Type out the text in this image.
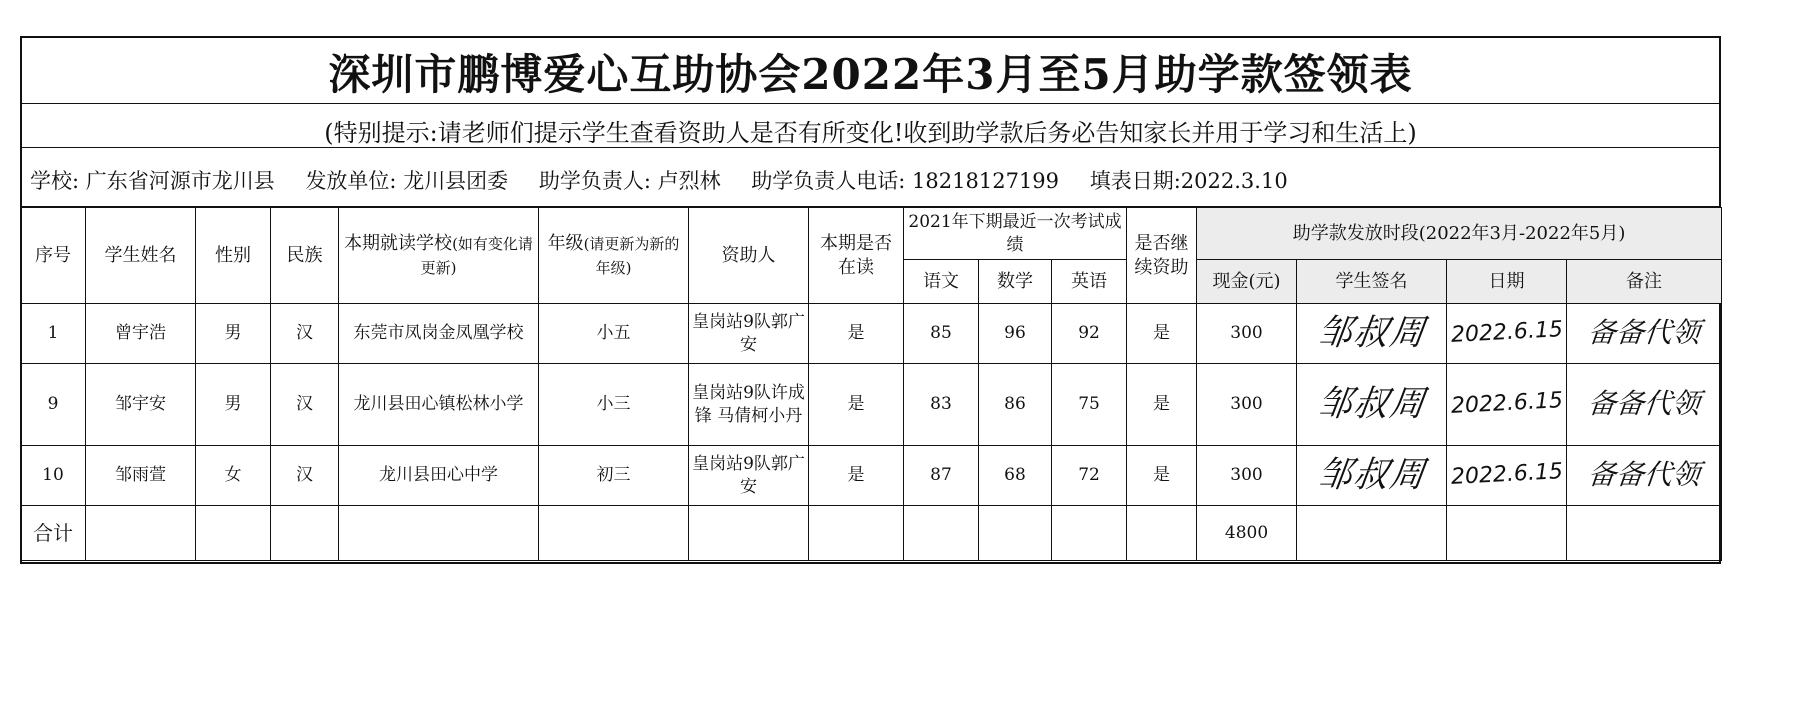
深圳市鹏博爱心互助协会2022年3月至5月助学款签领表
(特别提示:请老师们提示学生查看资助人是否有所变化!收到助学款后务必告知家长并用于学习和生活上)
学校: 广东省河源市龙川县 发放单位: 龙川县团委 助学负责人: 卢烈林 助学负责人电话: 18218127199 填表日期:2022.3.10
序号	学生姓名	性别	民族	本期就读学校(如有变化请更新)	年级(请更新为新的年级)	资助人	本期是否在读	2021年下期最近一次考试成绩			是否继续资助	助学款发放时段(2022年3月-2022年5月)			
								语文	数学	英语		现金(元)	学生签名	日期	备注
1	曾宇浩	男	汉	东莞市凤岗金凤凰学校	小五	皇岗站9队郭广安	是	85	96	92	是	300	邹叔周	2022.6.15	备备代领
9	邹宇安	男	汉	龙川县田心镇松林小学	小三	皇岗站9队许成锋 马倩柯小丹	是	83	86	75	是	300	邹叔周	2022.6.15	备备代领
10	邹雨萱	女	汉	龙川县田心中学	初三	皇岗站9队郭广安	是	87	68	72	是	300	邹叔周	2022.6.15	备备代领
合计												4800			
